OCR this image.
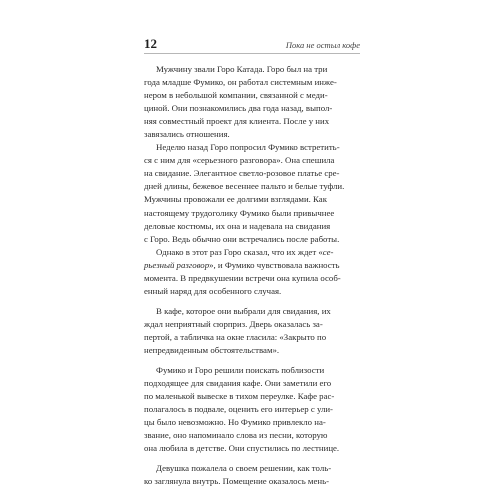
12	Пока не остыл кофе

Мужчину звали Горо Катада. Горо был на три
года младше Фумико, он работал системным инже-
нером в небольшой компании, связанной с меди-
циной. Они познакомились два года назад, выпол-
няя совместный проект для клиента. После у них
завязались отношения.

Неделю назад Горо попросил Фумико встретить-
ся с ним для «серьезного разговора». Она спешила
на свидание. Элегантное светло-розовое платье сре-
дней длины, бежевое весеннее пальто и белые туфли.
Мужчины провожали ее долгими взглядами. Как
настоящему трудоголику Фумико были привычнее
деловые костюмы, их она и надевала на свидания
с Горо. Ведь обычно они встречались после работы.

Однако в этот раз Горо сказал, что их ждет «се-
рьезный разговор», и Фумико чувствовала важность
момента. В предвкушении встречи она купила особ-
енный наряд для особенного случая.

В кафе, которое они выбрали для свидания, их
ждал неприятный сюрприз. Дверь оказалась за-
пертой, а табличка на окне гласила: «Закрыто по
непредвиденным обстоятельствам».

Фумико и Горо решили поискать поблизости
подходящее для свидания кафе. Они заметили его
по маленькой вывеске в тихом переулке. Кафе рас-
полагалось в подвале, оценить его интерьер с ули-
цы было невозможно. Но Фумико привлекло на-
звание, оно напоминало слова из песни, которую
она любила в детстве. Они спустились по лестнице.

Девушка пожалела о своем решении, как толь-
ко заглянула внутрь. Помещение оказалось мень-
